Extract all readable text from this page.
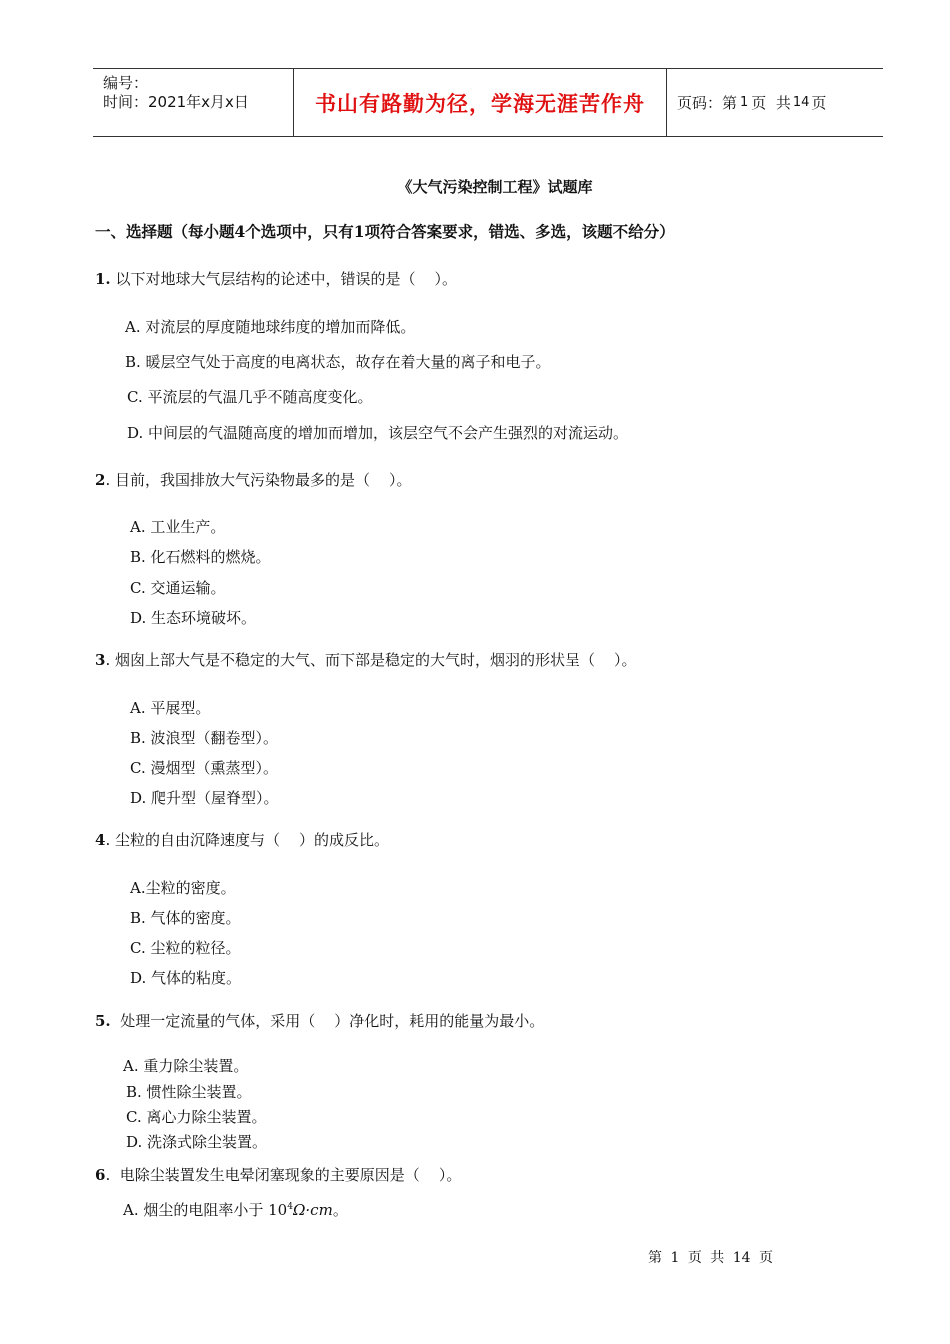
编号：
时间：2021年x月x日	书山有路勤为径，学海无涯苦作舟 页码：第 1 页  共 14 页
《大气污染控制工程》试题库
一、选择题（每小题4个选项中，只有1项符合答案要求，错选、多选，该题不给分）
1. 以下对地球大气层结构的论述中，错误的是（    ）。
A. 对流层的厚度随地球纬度的增加而降低。
B. 暖层空气处于高度的电离状态，故存在着大量的离子和电子。
C. 平流层的气温几乎不随高度变化。
D. 中间层的气温随高度的增加而增加，该层空气不会产生强烈的对流运动。
2. 目前，我国排放大气污染物最多的是（    ）。
A. 工业生产。
B. 化石燃料的燃烧。
C. 交通运输。
D. 生态环境破坏。
3. 烟囱上部大气是不稳定的大气、而下部是稳定的大气时，烟羽的形状呈（    ）。
A. 平展型。
B. 波浪型（翻卷型）。
C. 漫烟型（熏蒸型）。
D. 爬升型（屋脊型）。
4. 尘粒的自由沉降速度与（    ）的成反比。
A.尘粒的密度。
B. 气体的密度。
C. 尘粒的粒径。
D. 气体的粘度。
5.  处理一定流量的气体，采用（    ）净化时，耗用的能量为最小。
A. 重力除尘装置。
B. 惯性除尘装置。
C. 离心力除尘装置。
D. 洗涤式除尘装置。
6.  电除尘装置发生电晕闭塞现象的主要原因是（    ）。
A. 烟尘的电阻率小于 $10^4\Omega\cdot cm$。
第 1 页 共 14 页
